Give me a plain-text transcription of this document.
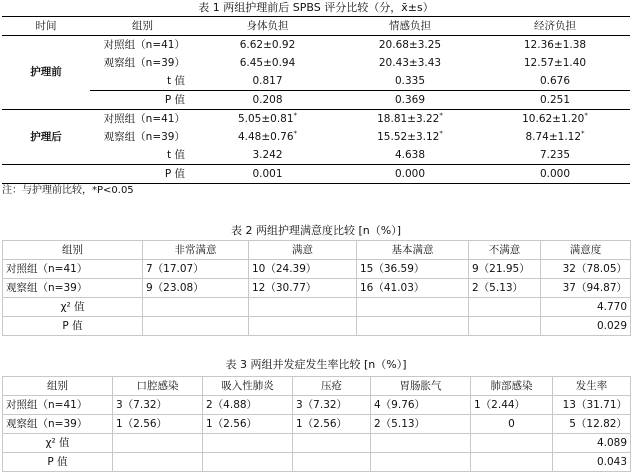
表 1 两组护理前后 SPBS 评分比较（分，x̄±s）
时间	组别	身体负担	情感负担	经济负担
护理前	对照组（n=41）	6.62±0.92	20.68±3.25	12.36±1.38
	观察组（n=39）	6.45±0.94	20.43±3.43	12.57±1.40
	t 值	0.817	0.335	0.676
	P 值	0.208	0.369	0.251
护理后	对照组（n=41）	5.05±0.81*	18.81±3.22*	10.62±1.20*
	观察组（n=39）	4.48±0.76*	15.52±3.12*	8.74±1.12*
	t 值	3.242	4.638	7.235
	P 值	0.001	0.000	0.000
注：与护理前比较，*P<0.05
表 2 两组护理满意度比较 [n（%）]
组别	非常满意	满意	基本满意	不满意	满意度
对照组（n=41）	7（17.07）	10（24.39）	15（36.59）	9（21.95）	32（78.05）
观察组（n=39）	9（23.08）	12（30.77）	16（41.03）	2（5.13）	37（94.87）
χ² 值					4.770
P 值					0.029
表 3 两组并发症发生率比较 [n（%）]
组别	口腔感染	吸入性肺炎	压疮	胃肠胀气	肺部感染	发生率
对照组（n=41）	3（7.32）	2（4.88）	3（7.32）	4（9.76）	1（2.44）	13（31.71）
观察组（n=39）	1（2.56）	1（2.56）	1（2.56）	2（5.13）	0	5（12.82）
χ² 值						4.089
P 值						0.043
